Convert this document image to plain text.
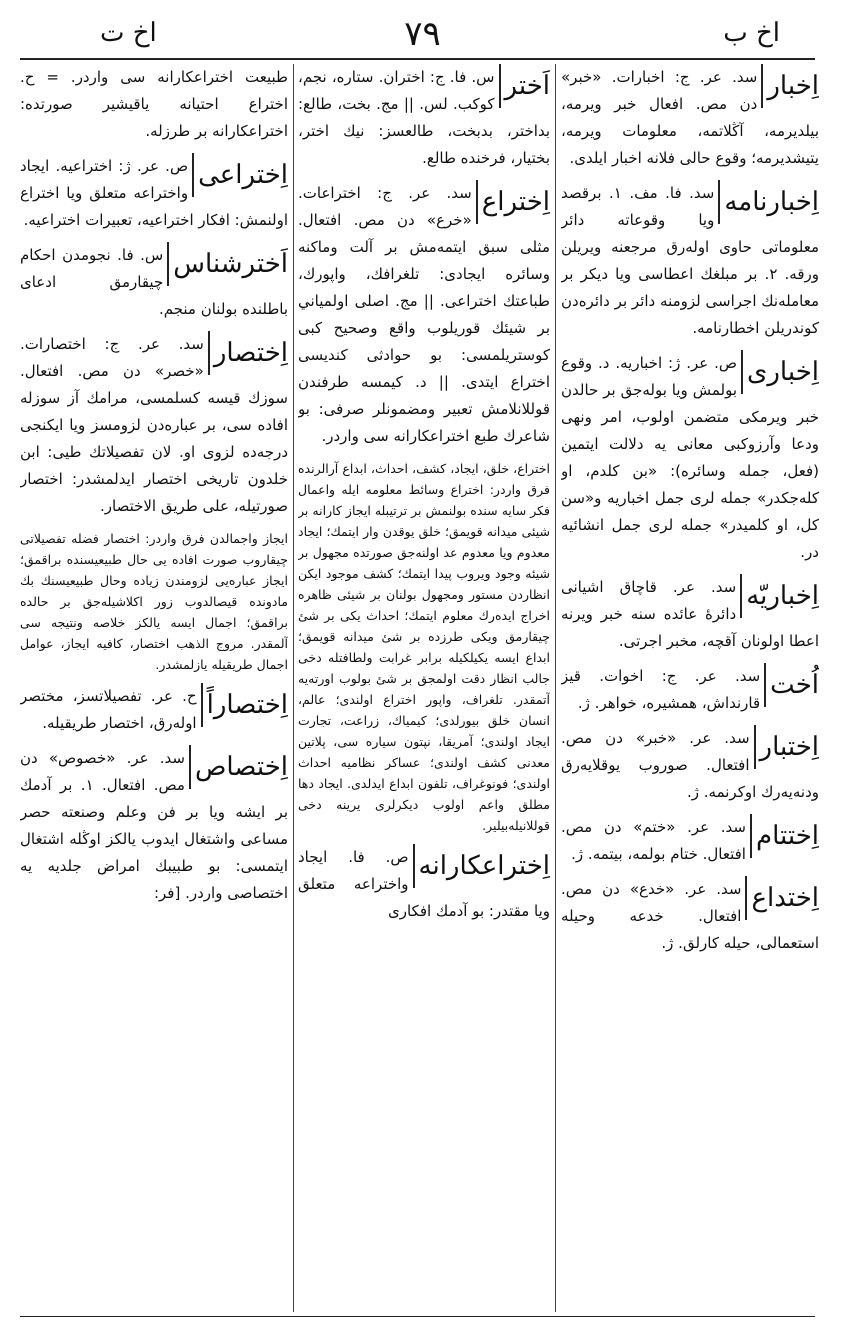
اخ ب
٧٩
اخ ت
اِخبار
سد. عر. ج: اخبارات. «خبر» دن مص. افعال خبر ويرمه، بيلديرمه، آڭلاتمه، معلومات ويرمه، يتيشديرمه؛ وقوع حالى فلانه اخبار ايلدى.
اِخبارنامه
سد. فا. مف. ١. برقصد ويا وقوعاته دائر معلوماتى حاوى اولەرق مرجعنه ويريلن ورقه. ٢. بر مبلغك اعطاسى ويا ديكر بر معاملەنك اجراسى لزومنه دائر بر دائرەدن كوندريلن اخطارنامه.
اِخبارى
ص. عر. ژ: اخباريه. د. وقوع بولمش ويا بولەجق بر حالدن خبر ويرمكى متضمن اولوب، امر ونهى ودعا وآرزوكبى معانى يه دلالت ايتمين (فعل، جمله وسائره): «بن كلدم، او كلەجكدر» جمله لرى جمل اخباريه و«سن كل، او كلميدر» جمله لرى جمل انشائيه در.
اِخباريّه
سد. عر. قاچاق اشيانى دائرهٔ عائده سنه خبر ويرنه اعطا اولونان آقچه، مخبر اجرتى.
اُخت
سد. عر. ج: اخوات. قيز قارنداش، همشيره، خواهر. ژ.
اِختبار
سد. عر. «خبر» دن مص. افتعال. صوروب يوقلايەرق ودنەيەرك اوكرنمه. ژ.
اِختتام
سد. عر. «ختم» دن مص. افتعال. ختام بولمه، بيتمه. ژ.
اِختداع
سد. عر. «خدع» دن مص. افتعال. خدعه وحيله استعمالى، حيله كارلق. ژ.
اَختر
س. فا. ج: اختران. ستاره، نجم، كوكب. لس. || مج. بخت، طالع: بداختر، بدبخت، طالعسز: نيك اختر، بختيار، فرخنده طالع.
اِختراع
سد. عر. ج: اختراعات. «خرع» دن مص. افتعال. مثلى سبق ايتمەمش بر آلت وماكنه وسائره ايجادى: تلغرافك، واپورك، طباعتك اختراعى. || مج. اصلى اولمياني بر شيئك قوريلوب واقع وصحيح كبى كوستريلمسى: بو حوادثى كنديسى اختراع ايتدى. || د. كيمسه طرفندن قوللانلامش تعبير ومضمونلر صرفى: بو شاعرك طبع اختراعكارانه سى واردر.
اختراع، خلق، ايجاد، كشف، احداث، ابداع آرالرنده فرق واردر: اختراع وسائط معلومه ايله واعمال فكر سايه سنده بولنمش بر ترتيبله ايجاز كارانه بر شيئى ميدانه قويمق؛ خلق يوقدن وار ايتمك؛ ايجاد معدوم ويا معدوم عد اولنەجق صورتده مجهول بر شيئه وجود ويروب پيدا ايتمك؛ كشف موجود ايكن انظاردن مستور ومجهول بولنان بر شيئى ظاهره اخراج ايدەرك معلوم ايتمك؛ احداث يكى بر شئ چيقارمق ويكى طرزده بر شئ ميدانه قويمق؛ ابداع ايسه يكيلكيله برابر غرابت ولطافتله دخى جالب انظار دقت اولمجق بر شئ بولوب اورتەيه آتمقدر. تلغراف، واپور اختراع اولندى؛ عالم، انسان خلق بيورلدى؛ كيمياك، زراعت، تجارت ايجاد اولندى؛ آمريقا، نپتون سياره سى، پلاتين معدنى كشف اولندى؛ عساكر نظاميه احداث اولندى؛ فونوغراف، تلفون ابداع ايدلدى. ايجاد دها مطلق واعم اولوب ديكرلرى يرينه دخى قوللانيلەبيلير.
اِختراعكارانه
ص. فا. ايجاد واختراعه متعلق ويا مقتدر: بو آدمك افكارى
طبيعت اختراعكارانه سى واردر. = ح. اختراع احتيانه ياقيشير صورتده: اختراعكارانه بر طرزله.
اِختراعى
ص. عر. ژ: اختراعيه. ايجاد واختراعه متعلق ويا اختراع اولنمش: افكار اختراعيه، تعبيرات اختراعيه.
اَخترشناس
س. فا. نجومدن احكام چيقارمق ادعاى باطلنده بولنان منجم.
اِختصار
سد. عر. ج: اختصارات. «خصر» دن مص. افتعال. سوزك قيسه كسلمسى، مرامك آز سوزله افاده سى، بر عبارەدن لزومسز ويا ايكنجى درجەده لزوى او. لان تفصيلاتك طيى: ابن خلدون تاريخى اختصار ايدلمشدر: اختصار صورتيله، على طريق الاختصار.
ايجاز واجمالدن فرق واردر: اختصار فضله تفصيلاتى چيقاروب صورت افاده يى حال طبيعيسنده براقمق؛ ايجاز عبارەيى لزومندن زياده وحال طبيعيسنك بك مادونده قيصالدوب زور اكلاشيلەجق بر حالده براقمق؛ اجمال ايسه يالكز خلاصه ونتيجه سى آلمقدر. مروج الذهب اختصار، كافيه ايجاز، عوامل اجمال طريقيله يازلمشدر.
اِختصاراً
ح. عر. تفصيلاتسز، مختصر اولەرق، اختصار طريقيله.
اِختصاص
سد. عر. «خصوص» دن مص. افتعال. ١. بر آدمك بر ايشه ويا بر فن وعلم وصنعته حصر مساعى واشتغال ايدوب يالكز اوڭله اشتغال ايتمسى: بو طبيبك امراض جلديه يه اختصاصى واردر. [فر:
